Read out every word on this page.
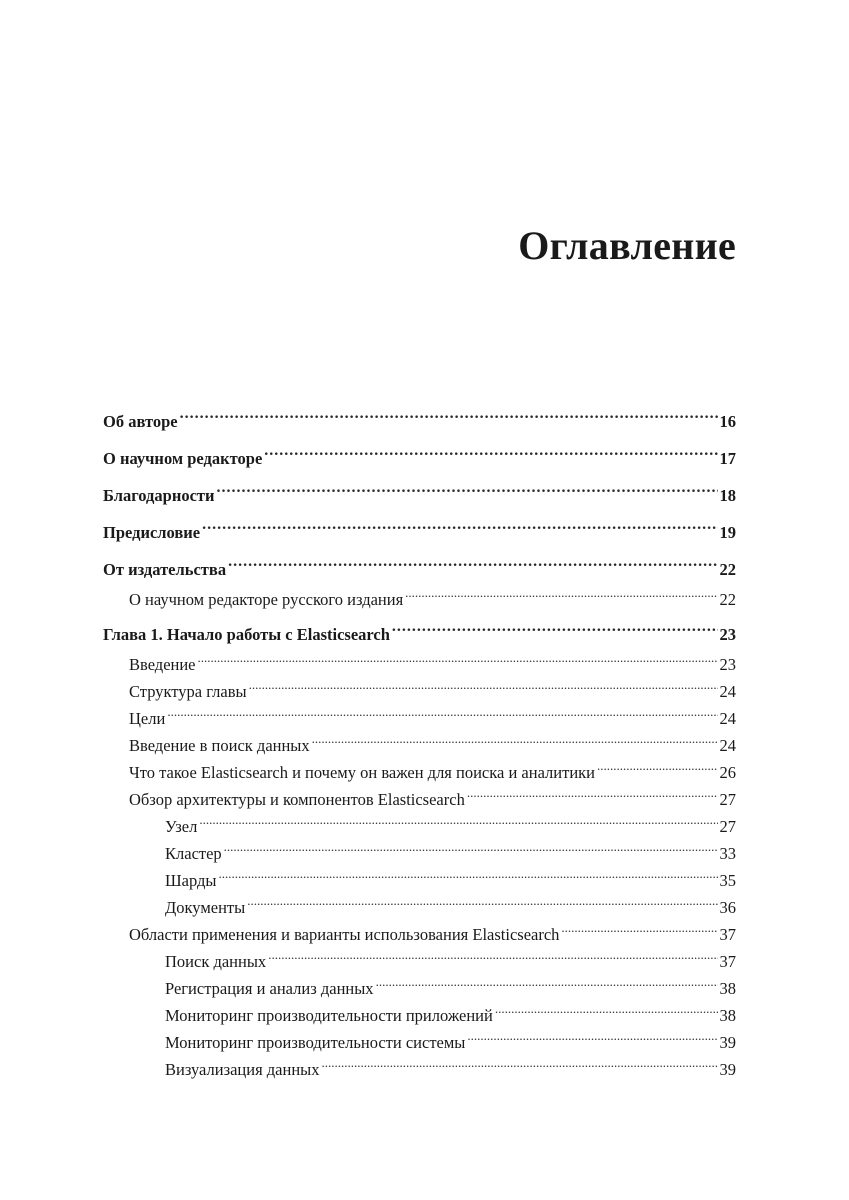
Оглавление
Об авторе .....	16
О научном редакторе .....	17
Благодарности .....	18
Предисловие .....	19
От издательства .....	22
О научном редакторе русского издания .....	22
Глава 1. Начало работы с Elasticsearch .....	23
Введение .....	23
Структура главы .....	24
Цели .....	24
Введение в поиск данных .....	24
Что такое Elasticsearch и почему он важен для поиска и аналитики .....	26
Обзор архитектуры и компонентов Elasticsearch .....	27
Узел .....	27
Кластер .....	33
Шарды .....	35
Документы .....	36
Области применения и варианты использования Elasticsearch .....	37
Поиск данных .....	37
Регистрация и анализ данных .....	38
Мониторинг производительности приложений .....	38
Мониторинг производительности системы .....	39
Визуализация данных .....	39
